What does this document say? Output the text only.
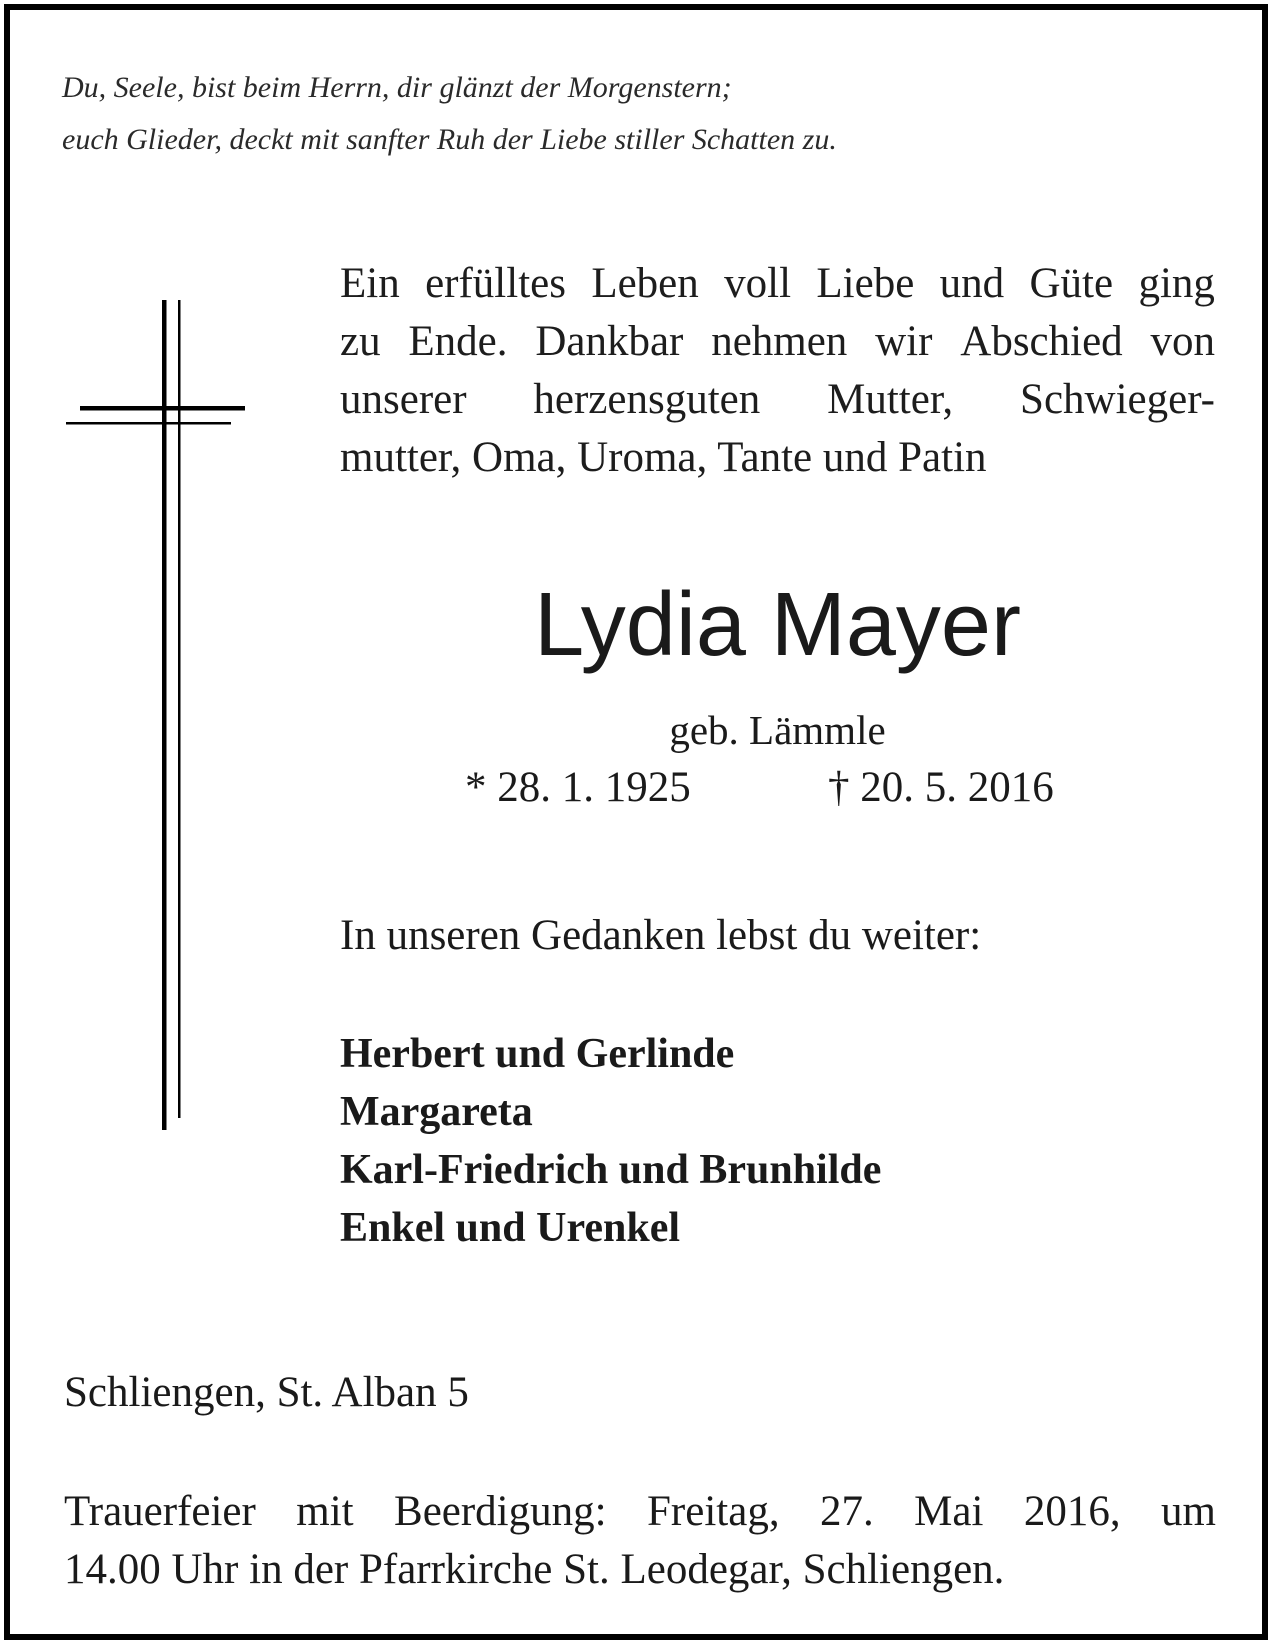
Du, Seele, bist beim Herrn, dir glänzt der Morgenstern;
euch Glieder, deckt mit sanfter Ruh der Liebe stiller Schatten zu.
Ein erfülltes Leben voll Liebe und Güte ging
zu Ende. Dankbar nehmen wir Abschied von
unserer herzensguten Mutter, Schwieger-
mutter, Oma, Uroma, Tante und Patin
Lydia Mayer
geb. Lämmle
* 28. 1. 1925	† 20. 5. 2016
In unseren Gedanken lebst du weiter:
Herbert und Gerlinde
Margareta
Karl-Friedrich und Brunhilde
Enkel und Urenkel
Schliengen, St. Alban 5
Trauerfeier mit Beerdigung: Freitag, 27. Mai 2016, um
14.00 Uhr in der Pfarrkirche St. Leodegar, Schliengen.
